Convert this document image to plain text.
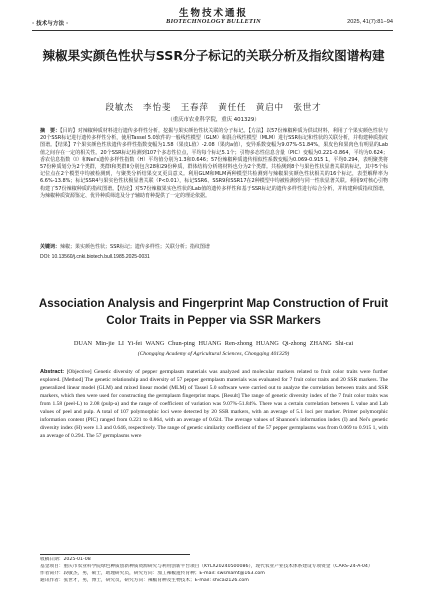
生物技术通报
· 技术与方法 ·	BIOTECHNOLOGY BULLETIN	2025, 41(7):81−94
辣椒果实颜色性状与SSR分子标记的关联分析及指纹图谱构建
段敏杰　李怡斐　王春萍　黄任任　黄启中　张世才
（重庆市农业科学院，重庆 401329）
摘　要：【目的】对辣椒种质材料进行遗传多样性分析，挖掘与果实颜色性状关联的分子标记。【方法】以57份辣椒种质为供试材料，利用了个果实颜色性状与20个SSR标记进行遗传多样性分析，使用Tassel 5.0软件的一般线性模型（GLM）和混合线性模型（MLM）进行SSR标记和性状的关联分析，并构建种质指纹图谱。【结果】7个果实颜色性状遗传多样性指数变幅为1.58（果皮L值）-2.08（果肉a值），变异系数变幅为9.07%-51.84%，果皮色和果肉色有明显的Lab值之间存在一定的相关性。20个SSR标记检测到107个多态性位点，平均每个标记5.1个；引物多态性信息含量（PIC）变幅为0.221-0.864，平均为0.624；香农信息指数（I）和Nei's遗传多样性指数（H）平均值分别为1.3和0.646；57份辣椒种质遗传相似性系数变幅为0.069-0.915 1，平均0.294，表明聚类将57份种质划分为2个类群，类群I和类群II分别包含28和29份种质，群体结构分析将材料也分为2个类群。共检测到8个与果色性状显著关联的标记，其中5个标记位点在2个模型中均被检测到，与聚类分析结果交叉更具意义。利用GLM和MLM两种模型共检测到与辣椒果实颜色性状相关的16个标记，表型解释率为6.6%-13.8%；标记SSR4与果实色性状极显著关联（P<0.01），标记SSR6、SSR9和SSR17在2种模型中均被检测到与同一性状显著关联。利用9对核心引物构建了57份辣椒种质的指纹图谱。【结论】对57份辣椒果实色性状的Lab值的遗传多样性和基于SSR标记的遗传多样性进行综合分析，并构建种质指纹图谱，为辣椒种质资源鉴定、优异种质筛选及分子辅助育种提供了一定的理论依据。
关键词：辣椒；果实颜色性状；SSR标记；遗传多样性；关联分析；指纹图谱
DOI: 10.13560/j.cnki.biotech.bull.1985.2025-0031
Association Analysis and Fingerprint Map Construction of Fruit Color Traits in Pepper via SSR Markers
DUAN Min-jie LI Yi-fei WANG Chun-ping HUANG Ren-zhong HUANG Qi-zhong ZHANG Shi-cai
(Chongqing Academy of Agricultural Sciences, Chongqing 401329)
Abstract: [Objective] Genetic diversity of pepper germplasm materials was analyzed and molecular markers related to fruit color traits were further explored. [Method] The genetic relationship and diversity of 57 pepper germplasm materials was evaluated for 7 fruit color traits and 20 SSR markers. The generalized linear model (GLM) and mixed linear model (MLM) of Tassel 5.0 software were carried out to analyze the correlation between traits and SSR markers, which then were used for constructing the germplasm fingerprint maps. [Result] The range of genetic diversity index of the 7 fruit color traits was from 1.58 (peel-L) to 2.08 (pulp-a) and the range of coefficient of variation was 9.07%-51.84%. There was a certain correlation between L value and Lab values of peel and pulp. A total of 107 polymorphic loci were detected by 20 SSR markers, with an average of 5.1 loci per marker. Primer polymorphic information content (PIC) ranged from 0.221 to 0.864, with an average of 0.624. The average values of Shannon's information index (I) and Nei's genetic diversity index (H) were 1.3 and 0.646, respectively. The range of genetic similarity coefficient of the 57 pepper germplasms was from 0.069 to 0.915 1, with an average of 0.294. The 57 germplasms were
收稿日期：2025-01-08
基金项目：重庆市农业科学院绿色种质创新种质资源研究与利用创新平台项目（KYLX20240500086），现代农业产业技术体系建设专项资金（CARS-24-A-04）
作者简介：段敏杰，男，硕士，助理研究员，研究方向：加工辣椒遗传育种；E-mail: swsmamt@163.com
通讯作者：张世才，男，博士，研究员，研究方向：辣椒育种及生物技术；E-mail: shicaiz126.com
